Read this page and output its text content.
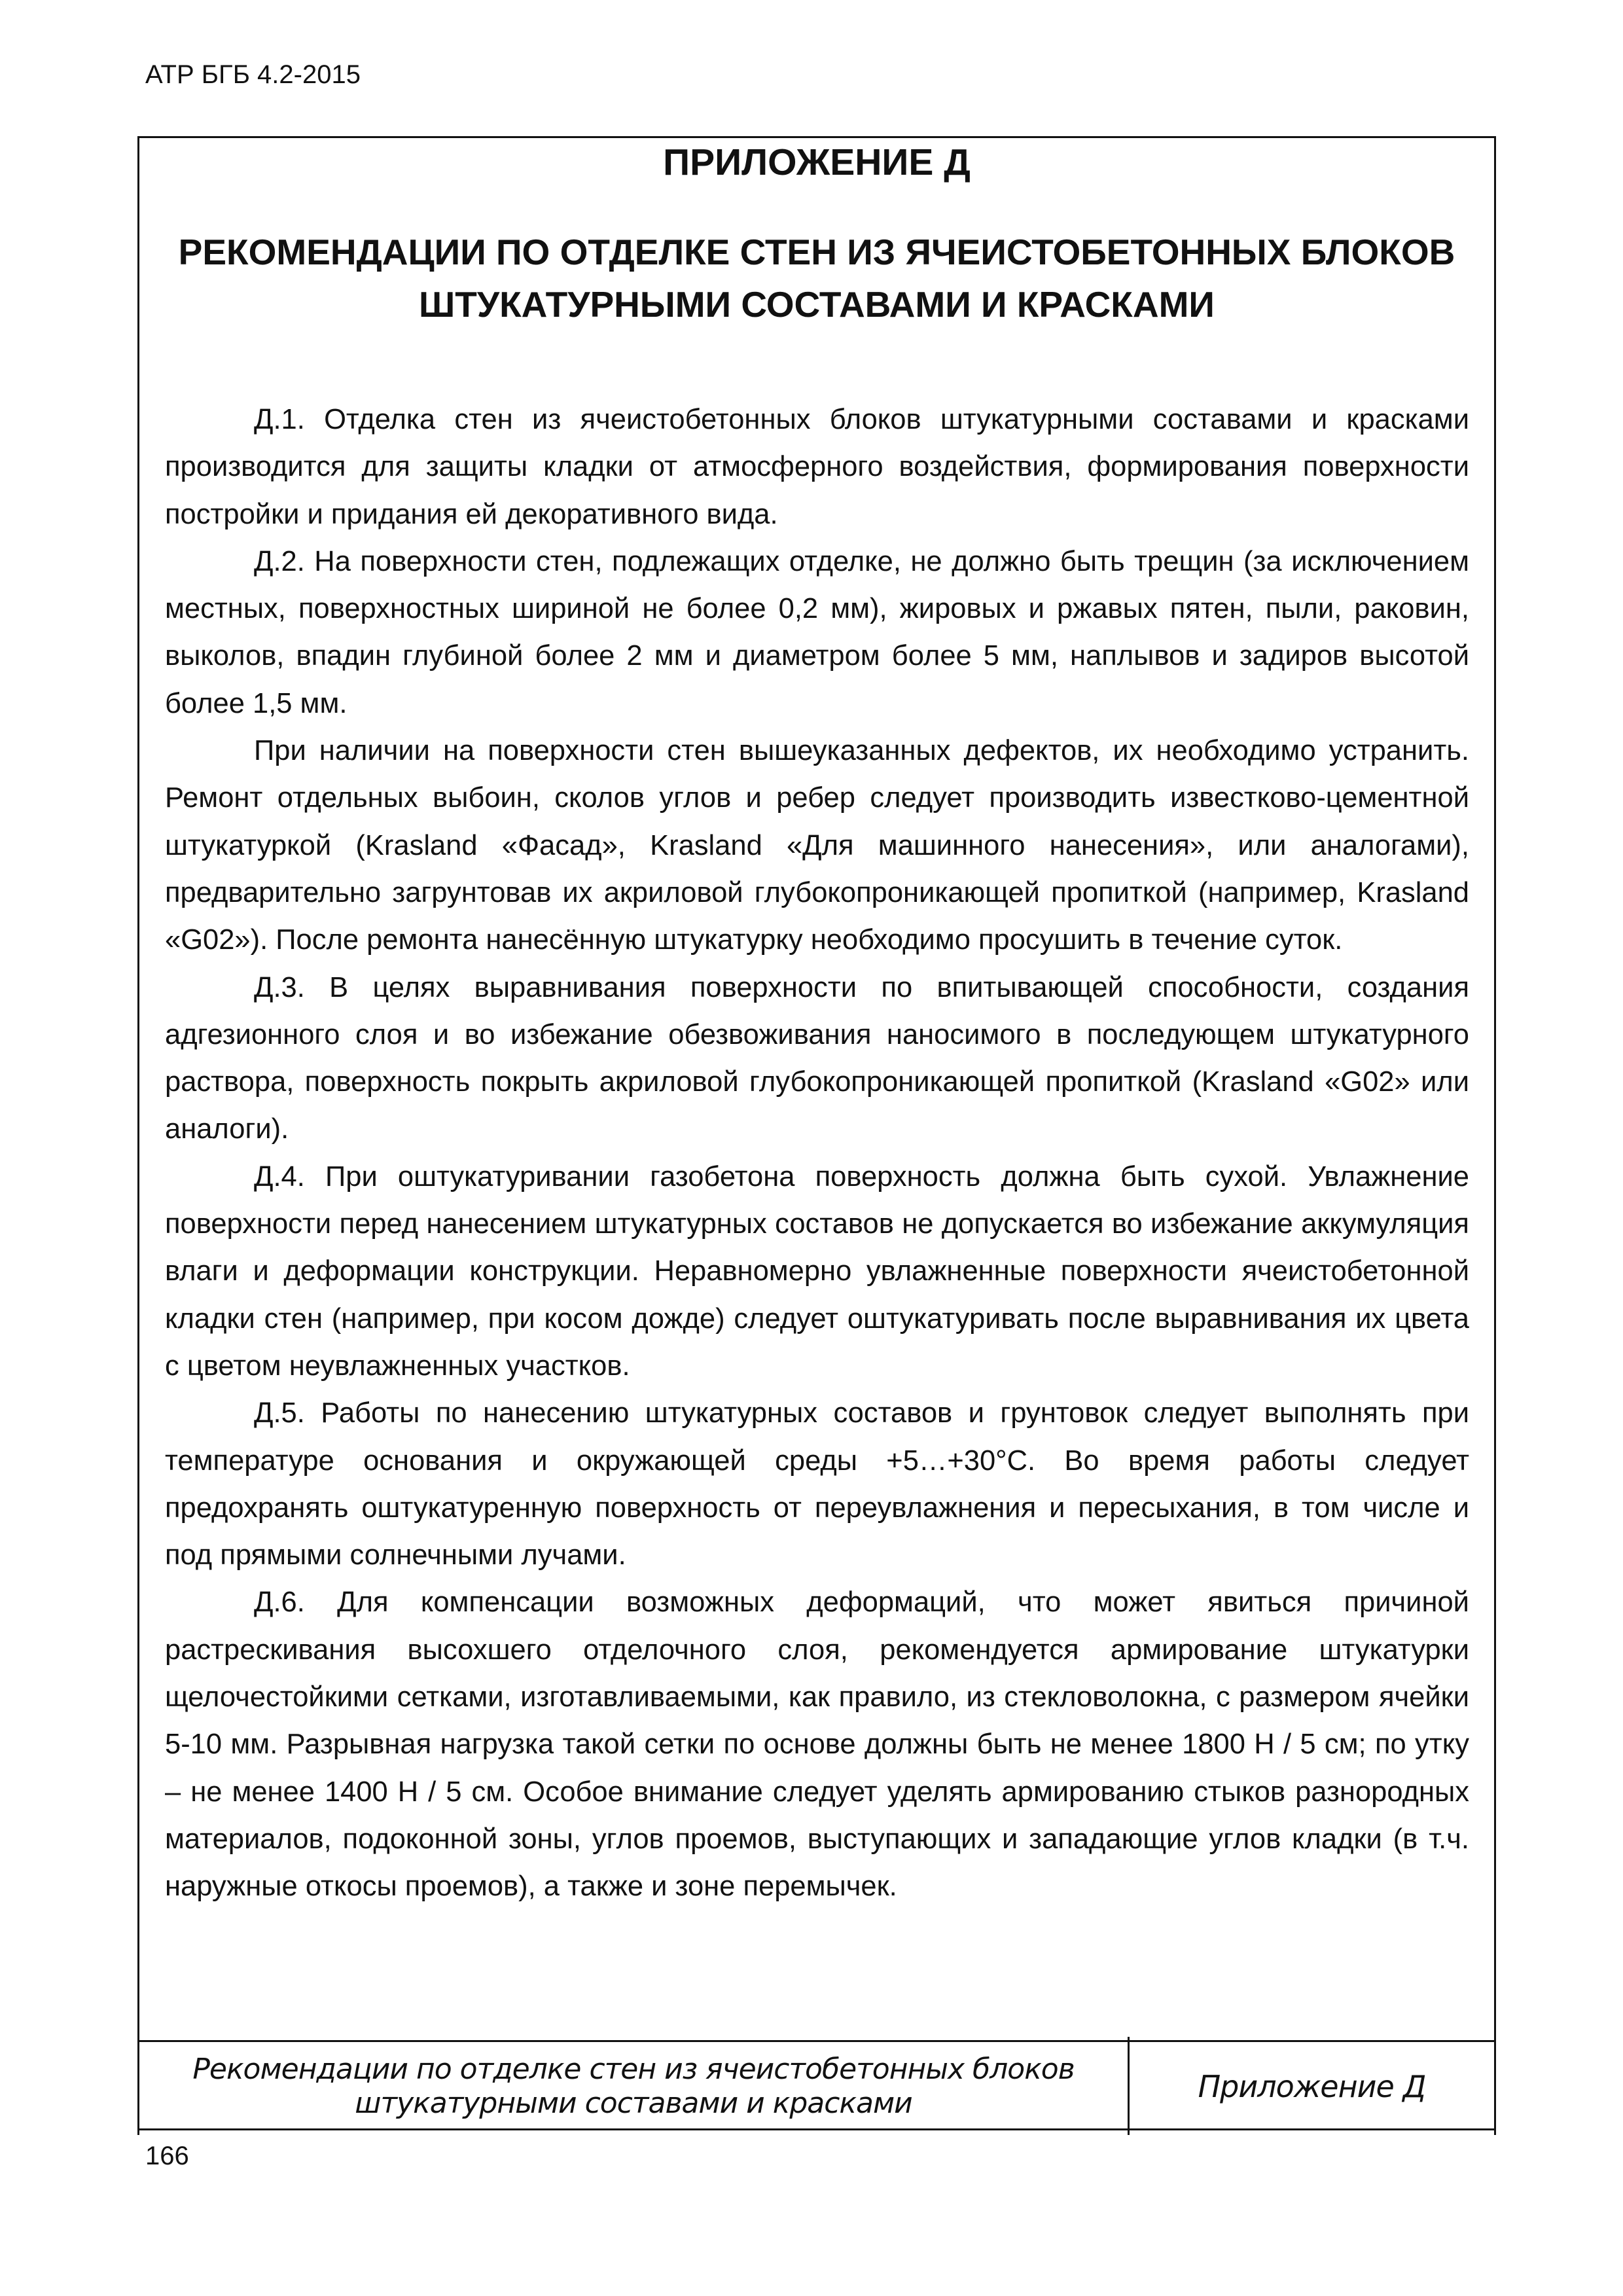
АТР БГБ 4.2-2015
ПРИЛОЖЕНИЕ Д
РЕКОМЕНДАЦИИ ПО ОТДЕЛКЕ СТЕН ИЗ ЯЧЕИСТОБЕТОННЫХ БЛОКОВ
ШТУКАТУРНЫМИ СОСТАВАМИ И КРАСКАМИ

Д.1. Отделка стен из ячеистобетонных блоков штукатурными составами и красками производится для защиты кладки от атмосферного воздействия, формирования поверхности постройки и придания ей декоративного вида.

Д.2. На поверхности стен, подлежащих отделке, не должно быть трещин (за исключением местных, поверхностных шириной не более 0,2 мм), жировых и ржавых пятен, пыли, раковин, выколов, впадин глубиной более 2 мм и диаметром более 5 мм, наплывов и задиров высотой более 1,5 мм.

При наличии на поверхности стен вышеуказанных дефектов, их необходимо устранить. Ремонт отдельных выбоин, сколов углов и ребер следует производить известково-цементной штукатуркой (Krasland «Фасад», Krasland «Для машинного нанесения», или аналогами), предварительно загрунтовав их акриловой глубокопроникающей пропиткой (например, Krasland «G02»). После ремонта нанесённую штукатурку необходимо просушить в течение суток.

Д.3. В целях выравнивания поверхности по впитывающей способности, создания адгезионного слоя и во избежание обезвоживания наносимого в последующем штукатурного раствора, поверхность покрыть акриловой глубокопроникающей пропиткой (Krasland «G02» или аналоги).

Д.4. При оштукатуривании газобетона поверхность должна быть сухой. Увлажнение поверхности перед нанесением штукатурных составов не допускается во избежание аккумуляция влаги и деформации конструкции. Неравномерно увлажненные поверхности ячеистобетонной кладки стен (например, при косом дожде) следует оштукатуривать после выравнивания их цвета с цветом неувлажненных участков.

Д.5. Работы по нанесению штукатурных составов и грунтовок следует выполнять при температуре основания и окружающей среды +5…+30°С. Во время работы следует предохранять оштукатуренную поверхность от переувлажнения и пересыхания, в том числе и под прямыми солнечными лучами.

Д.6. Для компенсации возможных деформаций, что может явиться причиной растрескивания высохшего отделочного слоя, рекомендуется армирование штукатурки щелочестойкими сетками, изготавливаемыми, как правило, из стекловолокна, с размером ячейки 5-10 мм. Разрывная нагрузка такой сетки по основе должны быть не менее 1800 Н / 5 см; по утку – не менее 1400 Н / 5 см. Особое внимание следует уделять армированию стыков разнородных материалов, подоконной зоны, углов проемов, выступающих и западающие углов кладки (в т.ч. наружные откосы проемов), а также и зоне перемычек.

Рекомендации по отделке стен из ячеистобетонных блоков
штукатурными составами и красками	Приложение Д
166
